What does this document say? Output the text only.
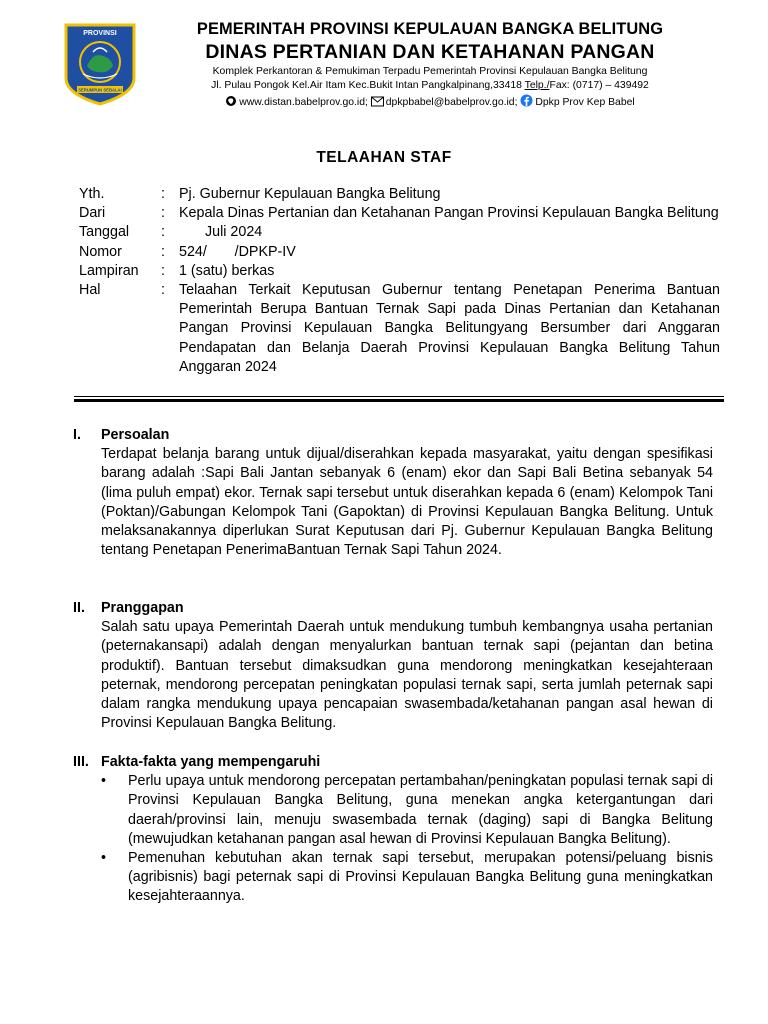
PROVINSI
SERUMPUN SEBALAI
PEMERINTAH PROVINSI KEPULAUAN BANGKA BELITUNG
DINAS PERTANIAN DAN KETAHANAN PANGAN
Komplek Perkantoran & Pemukiman Terpadu Pemerintah Provinsi Kepulauan Bangka Belitung
Jl. Pulau Pongok Kel.Air Itam Kec.Bukit Intan Pangkalpinang,33418 Telp./Fax: (0717) – 439492
www.distan.babelprov.go.id; dpkpbabel@babelprov.go.id; Dpkp Prov Kep Babel
TELAAHAN STAF
Yth.	: Pj. Gubernur Kepulauan Bangka Belitung
Dari	: Kepala Dinas Pertanian dan Ketahanan Pangan Provinsi Kepulauan Bangka Belitung
Tanggal	:	Juli 2024
Nomor	: 524/       /DPKP-IV
Lampiran	: 1 (satu) berkas
Hal	: Telaahan Terkait Keputusan Gubernur tentang Penetapan Penerima Bantuan Pemerintah Berupa Bantuan Ternak Sapi pada Dinas Pertanian dan Ketahanan Pangan Provinsi Kepulauan Bangka Belitungyang Bersumber dari Anggaran Pendapatan dan Belanja Daerah Provinsi Kepulauan Bangka Belitung Tahun Anggaran 2024
I.	Persoalan
Terdapat belanja barang untuk dijual/diserahkan kepada masyarakat, yaitu dengan spesifikasi barang adalah :Sapi Bali Jantan sebanyak 6 (enam) ekor dan Sapi Bali Betina sebanyak 54 (lima puluh empat) ekor. Ternak sapi tersebut untuk diserahkan kepada 6 (enam) Kelompok Tani (Poktan)/Gabungan Kelompok Tani (Gapoktan) di Provinsi Kepulauan Bangka Belitung. Untuk melaksanakannya diperlukan Surat Keputusan dari Pj. Gubernur Kepulauan Bangka Belitung tentang Penetapan PenerimaBantuan Ternak Sapi Tahun 2024.
II.	Pranggapan
Salah satu upaya Pemerintah Daerah untuk mendukung tumbuh kembangnya usaha pertanian (peternakansapi) adalah dengan menyalurkan bantuan ternak sapi (pejantan dan betina produktif). Bantuan tersebut dimaksudkan guna mendorong meningkatkan kesejahteraan peternak, mendorong percepatan peningkatan populasi ternak sapi, serta jumlah peternak sapi dalam rangka mendukung upaya pencapaian swasembada/ketahanan pangan asal hewan di Provinsi Kepulauan Bangka Belitung.
III. Fakta-fakta yang mempengaruhi
•	Perlu upaya untuk mendorong percepatan pertambahan/peningkatan populasi ternak sapi di Provinsi Kepulauan Bangka Belitung, guna menekan angka ketergantungan dari daerah/provinsi lain, menuju swasembada ternak (daging) sapi di Bangka Belitung (mewujudkan ketahanan pangan asal hewan di Provinsi Kepulauan Bangka Belitung).
•	Pemenuhan kebutuhan akan ternak sapi tersebut, merupakan potensi/peluang bisnis (agribisnis) bagi peternak sapi di Provinsi Kepulauan Bangka Belitung guna meningkatkan kesejahteraannya.
